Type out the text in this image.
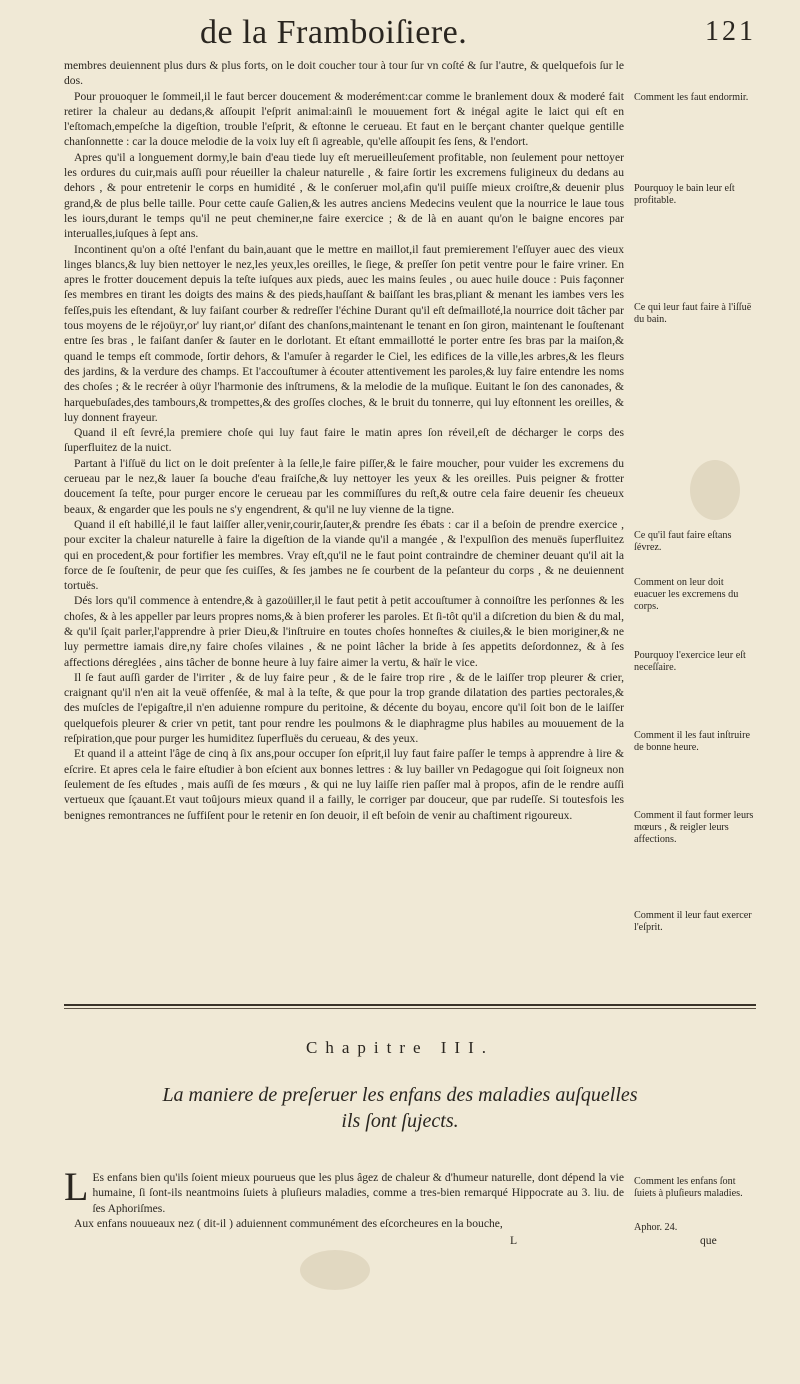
de la Framboiſiere.	121

membres deuiennent plus durs & plus forts, on le doit coucher tour à tour ſur vn coſté & ſur l'autre, & quelquefois ſur le dos.

Pour prouoquer le ſommeil,il le faut bercer doucement & moderément:car comme le branlement doux & moderé fait retirer la chaleur au dedans,& aſſoupit l'eſprit animal:ainſi le mouuement fort & inégal agite le laict qui eſt en l'eſtomach,empeſche la digeſtion, trouble l'eſprit, & eſtonne le cerueau. Et faut en le berçant chanter quelque gentille chanſonnette : car la douce melodie de la voix luy eſt ſi agreable, qu'elle aſſoupit ſes ſens, & l'endort.

Apres qu'il a longuement dormy,le bain d'eau tiede luy eſt merueilleuſement profitable, non ſeulement pour nettoyer les ordures du cuir,mais auſſi pour réueiller la chaleur naturelle , & faire ſortir les excremens fuligineux du dedans au dehors , & pour entretenir le corps en humidité , & le conſeruer mol,afin qu'il puiſſe mieux croiſtre,& deuenir plus grand,& de plus belle taille. Pour cette cauſe Galien,& les autres anciens Medecins veulent que la nourrice le laue tous les iours,durant le temps qu'il ne peut cheminer,ne faire exercice ; & de là en auant qu'on le baigne encores par interualles,iuſques à ſept ans.

Incontinent qu'on a oſté l'enfant du bain,auant que le mettre en maillot,il faut premierement l'eſſuyer auec des vieux linges blancs,& luy bien nettoyer le nez,les yeux,les oreilles, le ſiege, & preſſer ſon petit ventre pour le faire vriner. En apres le frotter doucement depuis la teſte iuſques aux pieds, auec les mains ſeules , ou auec huile douce : Puis façonner ſes membres en tirant les doigts des mains & des pieds,hauſſant & baiſſant les bras,pliant & menant les iambes vers les feſſes,puis les eſtendant, & luy faiſant courber & redreſſer l'échine Durant qu'il eſt deſmailloté,la nourrice doit tâcher par tous moyens de le réjoüyr,or' luy riant,or' diſant des chanſons,maintenant le tenant en ſon giron, maintenant le ſouſtenant entre ſes bras , le faiſant danſer & ſauter en le dorlotant. Et eſtant emmaillotté le porter entre ſes bras par la maiſon,& quand le temps eſt commode, ſortir dehors, & l'amuſer à regarder le Ciel, les edifices de la ville,les arbres,& les fleurs des jardins, & la verdure des champs. Et l'accouſtumer à écouter attentivement les paroles,& luy faire entendre les noms des choſes ; & le recréer à oüyr l'harmonie des inſtrumens, & la melodie de la muſique. Euitant le ſon des canonades, & harquebuſades,des tambours,& trompettes,& des groſſes cloches, & le bruit du tonnerre, qui luy eſtonnent les oreilles, & luy donnent frayeur.

Quand il eſt ſevré,la premiere choſe qui luy faut faire le matin apres ſon réveil,eſt de décharger le corps des ſuperfluitez de la nuict.

Partant à l'iſſuë du lict on le doit preſenter à la ſelle,le faire piſſer,& le faire moucher, pour vuider les excremens du cerueau par le nez,& lauer ſa bouche d'eau fraiſche,& luy nettoyer les yeux & les oreilles. Puis peigner & frotter doucement ſa teſte, pour purger encore le cerueau par les commiſſures du reſt,& outre cela faire deuenir ſes cheueux beaux, & engarder que les pouls ne s'y engendrent, & qu'il ne luy vienne de la tigne.

Quand il eſt habillé,il le faut laiſſer aller,venir,courir,ſauter,& prendre ſes ébats : car il a beſoin de prendre exercice , pour exciter la chaleur naturelle à faire la digeſtion de la viande qu'il a mangée , & l'expulſion des menuës ſuperfluitez qui en procedent,& pour fortifier les membres. Vray eſt,qu'il ne le faut point contraindre de cheminer deuant qu'il ait la force de ſe ſouſtenir, de peur que ſes cuiſſes, & ſes jambes ne ſe courbent de la peſanteur du corps , & ne deuiennent tortuës.

Dés lors qu'il commence à entendre,& à gazoüiller,il le faut petit à petit accouſtumer à connoiſtre les perſonnes & les choſes, & à les appeller par leurs propres noms,& à bien proferer les paroles. Et ſi-tôt qu'il a diſcretion du bien & du mal, & qu'il ſçait parler,l'apprendre à prier Dieu,& l'inſtruire en toutes choſes honneſtes & ciuiles,& le bien moriginer,& ne luy permettre iamais dire,ny faire choſes vilaines , & ne point lâcher la bride à ſes appetits deſordonnez, & à ſes affections déreglées , ains tâcher de bonne heure à luy faire aimer la vertu, & haïr le vice.

Il ſe faut auſſi garder de l'irriter , & de luy faire peur , & de le faire trop rire , & de le laiſſer trop pleurer & crier, craignant qu'il n'en ait la veuë offenſée, & mal à la teſte, & que pour la trop grande dilatation des parties pectorales,& des muſcles de l'epigaſtre,il n'en aduienne rompure du peritoine, & décente du boyau, encore qu'il ſoit bon de le laiſſer quelquefois pleurer & crier vn petit, tant pour rendre les poulmons & le diaphragme plus habiles au mouuement de la reſpiration,que pour purger les humiditez ſuperfluës du cerueau, & des yeux.

Et quand il a atteint l'âge de cinq à ſix ans,pour occuper ſon eſprit,il luy faut faire paſſer le temps à apprendre à lire & eſcrire. Et apres cela le faire eſtudier à bon eſcient aux bonnes lettres : & luy bailler vn Pedagogue qui ſoit ſoigneux non ſeulement de ſes eſtudes , mais auſſi de ſes mœurs , & qui ne luy laiſſe rien paſſer mal à propos, afin de le rendre auſſi vertueux que ſçauant.Et vaut toûjours mieux quand il a failly, le corriger par douceur, que par rudeſſe. Si toutesfois les benignes remontrances ne ſuffiſent pour le retenir en ſon deuoir, il eſt beſoin de venir au chaſtiment rigoureux.

Comment les faut endormir.
Pourquoy le bain leur eſt profitable.
Ce qui leur faut faire à l'iſſuë du bain.
Ce qu'il faut faire eſtans ſévrez.
Comment on leur doit euacuer les excremens du corps.
Pourquoy l'exercice leur eſt neceſſaire.
Comment il les faut inſtruire de bonne heure.
Comment il faut former leurs mœurs , & reigler leurs affections.
Comment il leur faut exercer l'eſprit.
Comment les enfans ſont ſuiets à pluſieurs maladies.
Aphor. 24.
Chapitre III.
La maniere de preſeruer les enfans des maladies auſquelles
ils ſont ſujects.
L Es enfans bien qu'ils ſoient mieux pourueus que les plus âgez de chaleur & d'humeur naturelle, dont dépend la vie humaine, ſi ſont-ils neantmoins ſuiets à pluſieurs maladies, comme a tres-bien remarqué Hippocrate au 3. liu. de ſes Aphoriſmes.
Aux enfans nouueaux nez ( dit-il ) aduiennent communément des eſcorcheures en la bouche,
L	que
